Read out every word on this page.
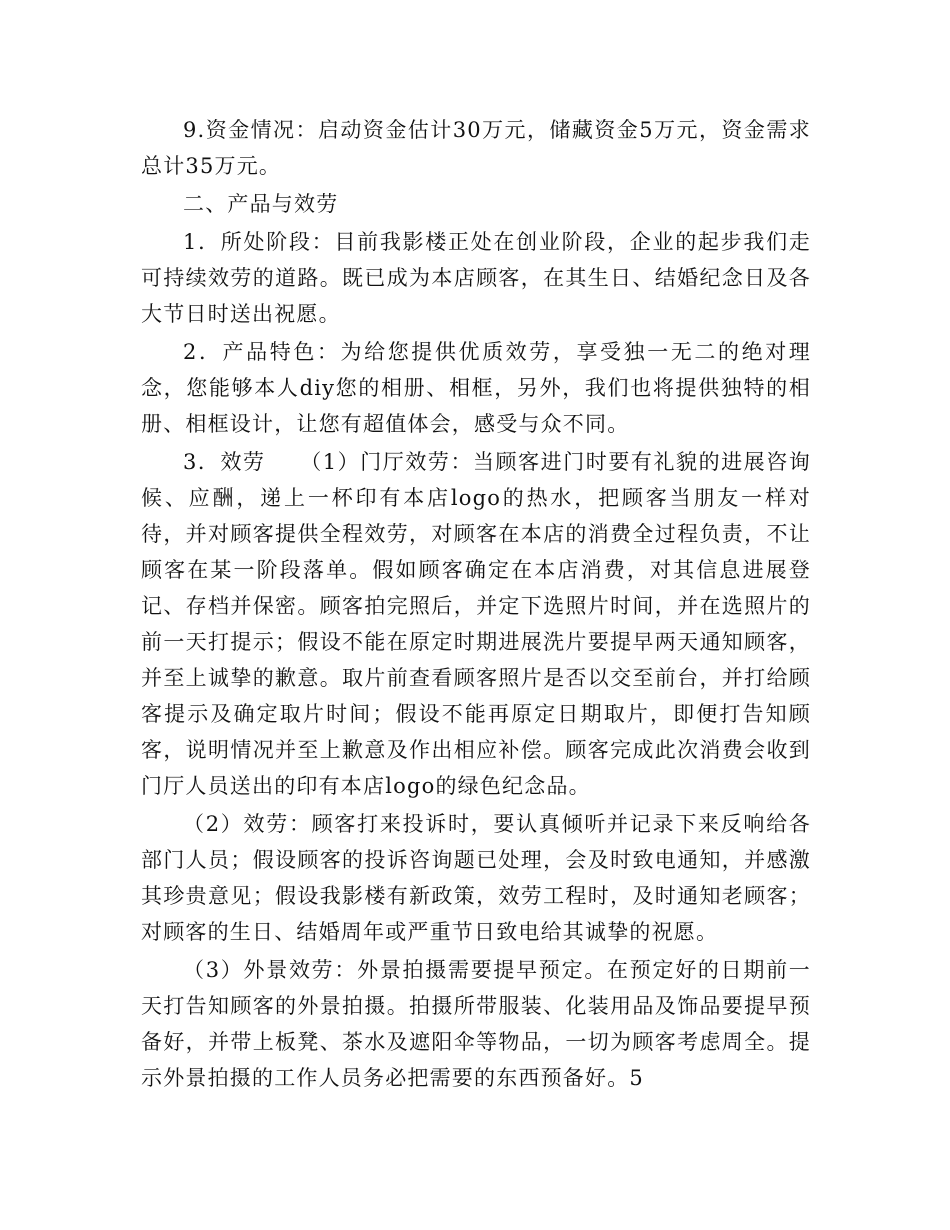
9.资金情况：启动资金估计30万元，储藏资金5万元，资金需求总计35万元。

二、产品与效劳

1．所处阶段：目前我影楼正处在创业阶段，企业的起步我们走可持续效劳的道路。既已成为本店顾客，在其生日、结婚纪念日及各大节日时送出祝愿。

2．产品特色：为给您提供优质效劳，享受独一无二的绝对理念，您能够本人diy您的相册、相框，另外，我们也将提供独特的相册、相框设计，让您有超值体会，感受与众不同。

3．效劳　　（1）门厅效劳：当顾客进门时要有礼貌的进展咨询候、应酬，递上一杯印有本店logo的热水，把顾客当朋友一样对待，并对顾客提供全程效劳，对顾客在本店的消费全过程负责，不让顾客在某一阶段落单。假如顾客确定在本店消费，对其信息进展登记、存档并保密。顾客拍完照后，并定下选照片时间，并在选照片的前一天打提示；假设不能在原定时期进展洗片要提早两天通知顾客，并至上诚挚的歉意。取片前查看顾客照片是否以交至前台，并打给顾客提示及确定取片时间；假设不能再原定日期取片，即便打告知顾客，说明情况并至上歉意及作出相应补偿。顾客完成此次消费会收到门厅人员送出的印有本店logo的绿色纪念品。

（2）效劳：顾客打来投诉时，要认真倾听并记录下来反响给各部门人员；假设顾客的投诉咨询题已处理，会及时致电通知，并感激其珍贵意见；假设我影楼有新政策，效劳工程时，及时通知老顾客；对顾客的生日、结婚周年或严重节日致电给其诚挚的祝愿。

（3）外景效劳：外景拍摄需要提早预定。在预定好的日期前一天打告知顾客的外景拍摄。拍摄所带服装、化装用品及饰品要提早预备好，并带上板凳、茶水及遮阳伞等物品，一切为顾客考虑周全。提示外景拍摄的工作人员务必把需要的东西预备好。5
